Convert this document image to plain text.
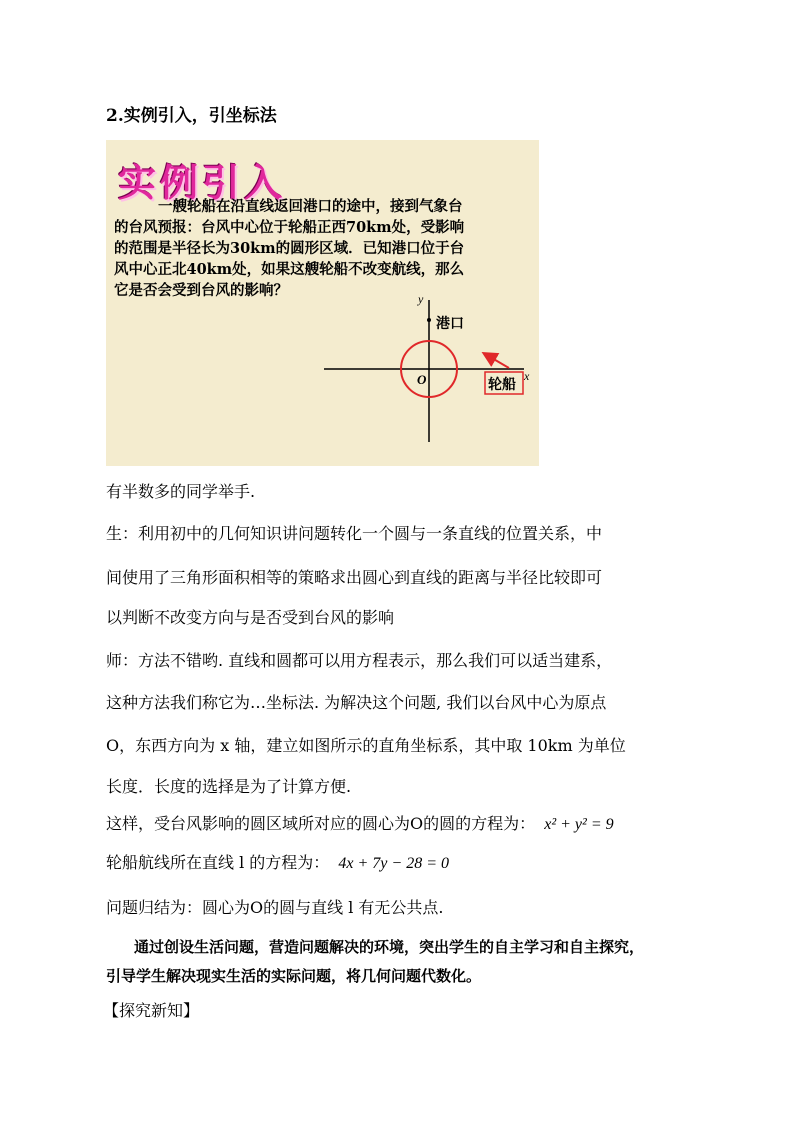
2.实例引入，引坐标法
实例引入
一艘轮船在沿直线返回港口的途中，接到气象台
的台风预报：台风中心位于轮船正西70km处，受影响
的范围是半径长为30km的圆形区域．已知港口位于台
风中心正北40km处，如果这艘轮船不改变航线，那么
它是否会受到台风的影响？	y
x
O
港口
轮船
有半数多的同学举手.
生：利用初中的几何知识讲问题转化一个圆与一条直线的位置关系，中
间使用了三角形面积相等的策略求出圆心到直线的距离与半径比较即可
以判断不改变方向与是否受到台风的影响
师：方法不错哟. 直线和圆都可以用方程表示，那么我们可以适当建系，
这种方法我们称它为…坐标法. 为解决这个问题, 我们以台风中心为原点
O，东西方向为 x 轴，建立如图所示的直角坐标系，其中取 10km 为单位
长度．长度的选择是为了计算方便.
这样，受台风影响的圆区域所对应的圆心为O的圆的方程为： x² + y² = 9
轮船航线所在直线 l 的方程为： 4x + 7y − 28 = 0
问题归结为：圆心为O的圆与直线 l 有无公共点.
通过创设生活问题，营造问题解决的环境，突出学生的自主学习和自主探究，
引导学生解决现实生活的实际问题，将几何问题代数化。
【探究新知】
